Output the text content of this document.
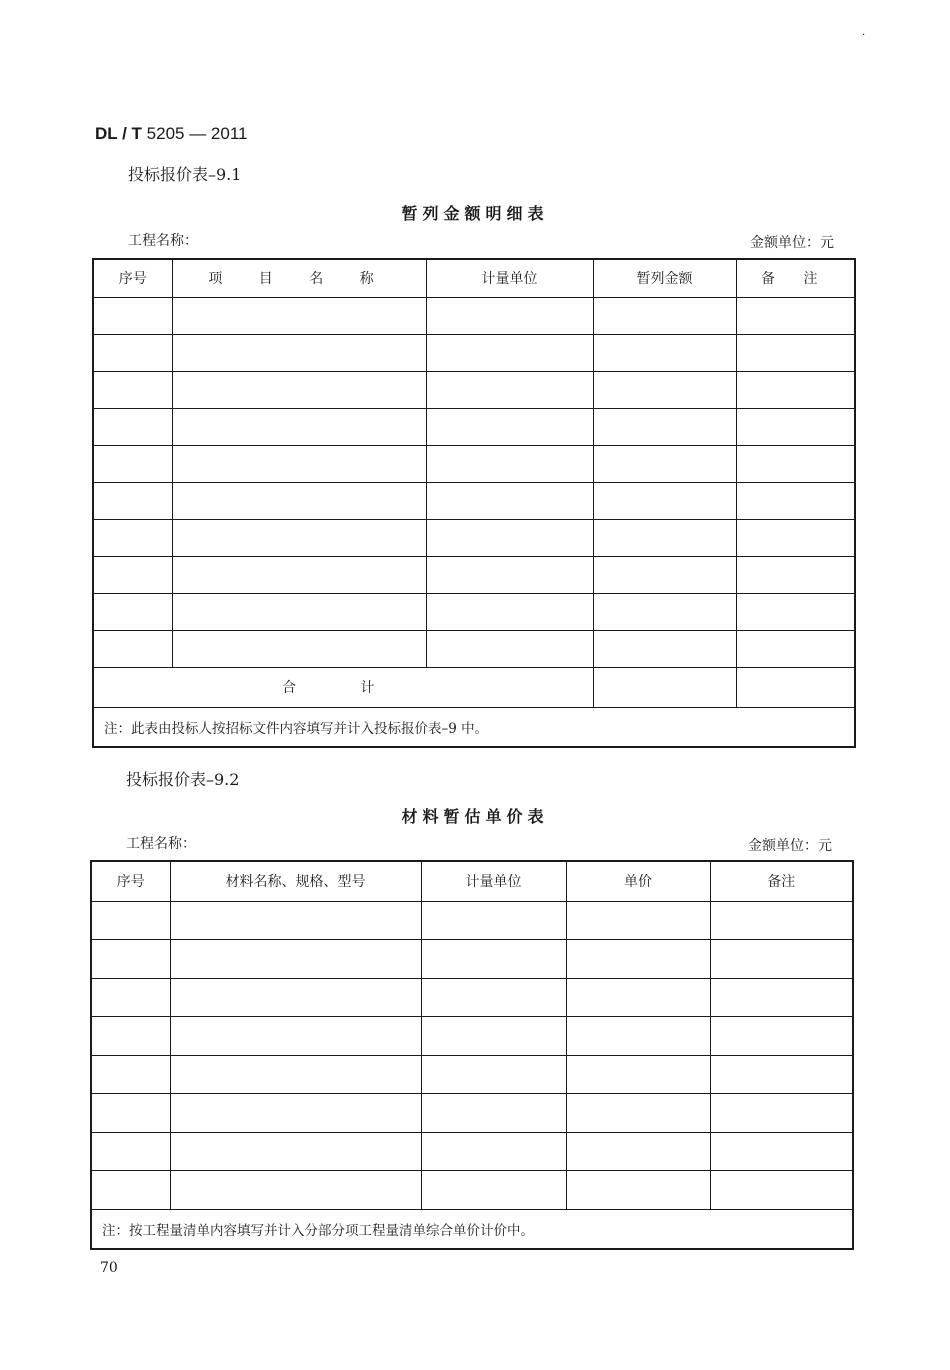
·
DL / T 5205 — 2011
投标报价表–9.1
暂列金额明细表
工程名称：	金额单位：元
序号	项 目 名 称	计量单位	暂列金额	备 注

合 计				
注：此表由投标人按招标文件内容填写并计入投标报价表–9 中。				
投标报价表–9.2
材料暂估单价表
工程名称：	金额单位：元
序号	材料名称、规格、型号	计量单位	单价	备注

注：按工程量清单内容填写并计入分部分项工程量清单综合单价计价中。				
70
